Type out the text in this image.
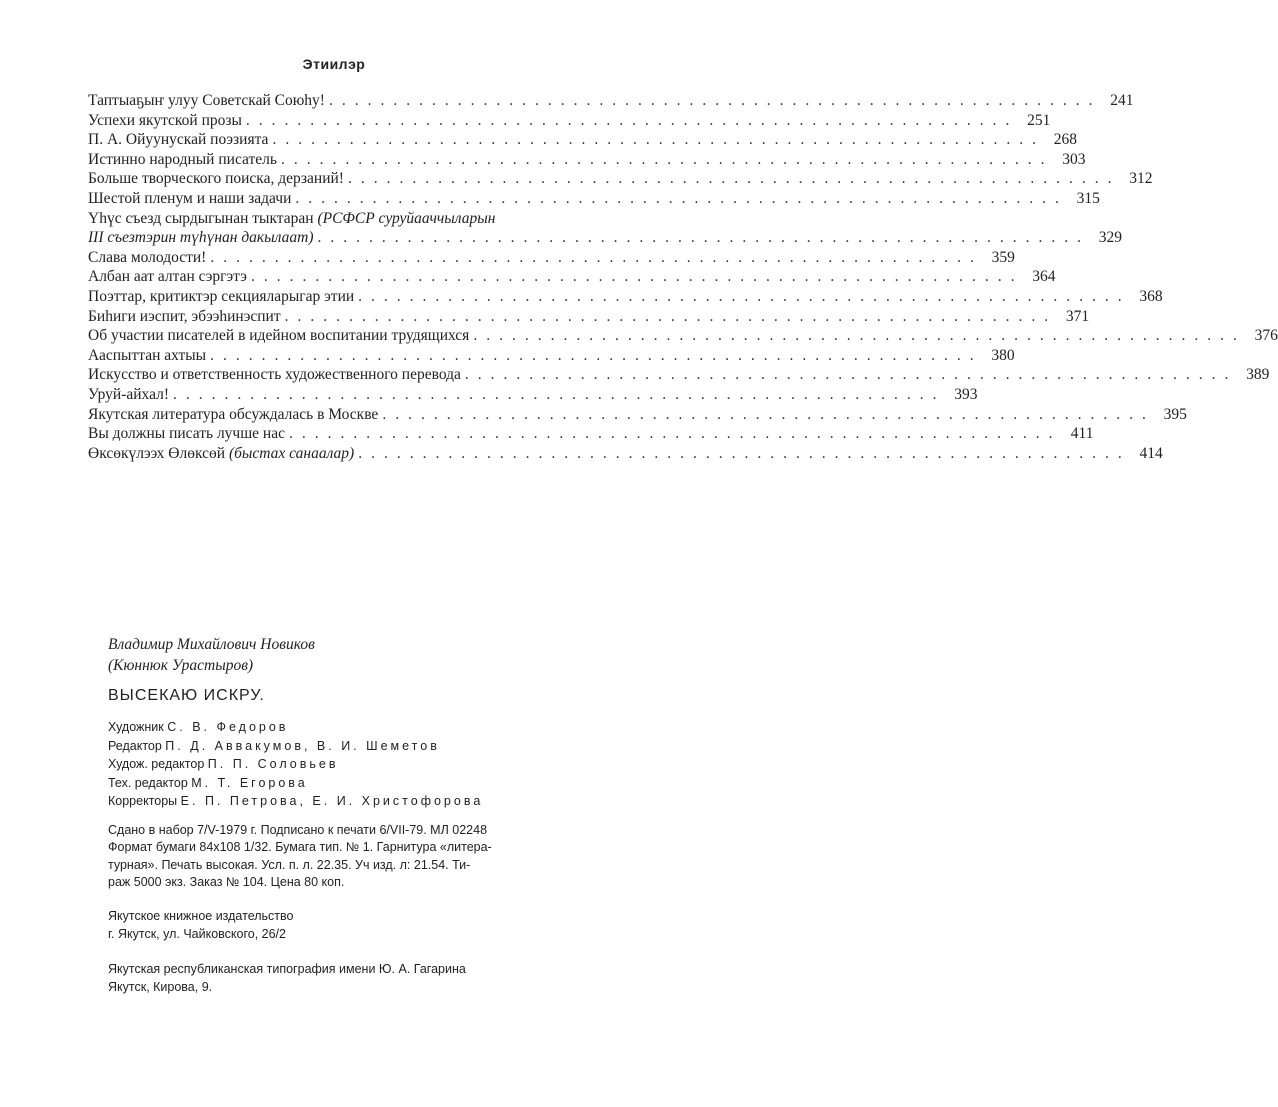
Этиилэр
Таптыаҕыҥ улуу Советскай Союһу! ............................................................ 241
Успехи якутской прозы ............................................................ 251
П. А. Ойуунускай поэзията ............................................................ 268
Истинно народный писатель ............................................................ 303
Больше творческого поиска, дерзаний! ............................................................ 312
Шестой пленум и наши задачи ............................................................ 315
Үһүс съезд сырдыгынан тыктаран (РСФСР суруйааччыларын
III съезтэрин түһүнан дакылаат) ............................................................ 329
Слава молодости! ............................................................ 359
Албан аат алтан сэргэтэ ............................................................ 364
Поэттар, критиктэр секцияларыгар этии ............................................................ 368
Биһиги иэспит, эбээһинэспит ............................................................ 371
Об участии писателей в идейном воспитании трудящихся ............................................................ 376
Ааспыттан ахтыы ............................................................ 380
Искусство и ответственность художественного перевода ............................................................ 389
Уруй-айхал! ............................................................ 393
Якутская литература обсуждалась в Москве ............................................................ 395
Вы должны писать лучше нас ............................................................ 411
Өксөкүлээх Өлөксөй (быстах санаалар) ............................................................ 414
Владимир Михайлович Новиков
(Кюннюк Урастыров)
ВЫСЕКАЮ ИСКРУ.
Художник С. В. Федоров
Редактор П. Д. Аввакумов, В. И. Шеметов
Худож. редактор П. П. Соловьев
Тех. редактор М. Т. Егорова
Корректоры Е. П. Петрова, Е. И. Христофорова
Сдано в набор 7/V-1979 г. Подписано к печати 6/VII-79. МЛ 02248
Формат бумаги 84x108 1/32. Бумага тип. № 1. Гарнитура «литера-
турная». Печать высокая. Усл. п. л. 22.35. Уч изд. л: 21.54. Ти-
раж 5000 экз. Заказ № 104. Цена 80 коп.
Якутское книжное издательство
г. Якутск, ул. Чайковского, 26/2
Якутская республиканская типография имени Ю. А. Гагарина
Якутск, Кирова, 9.
